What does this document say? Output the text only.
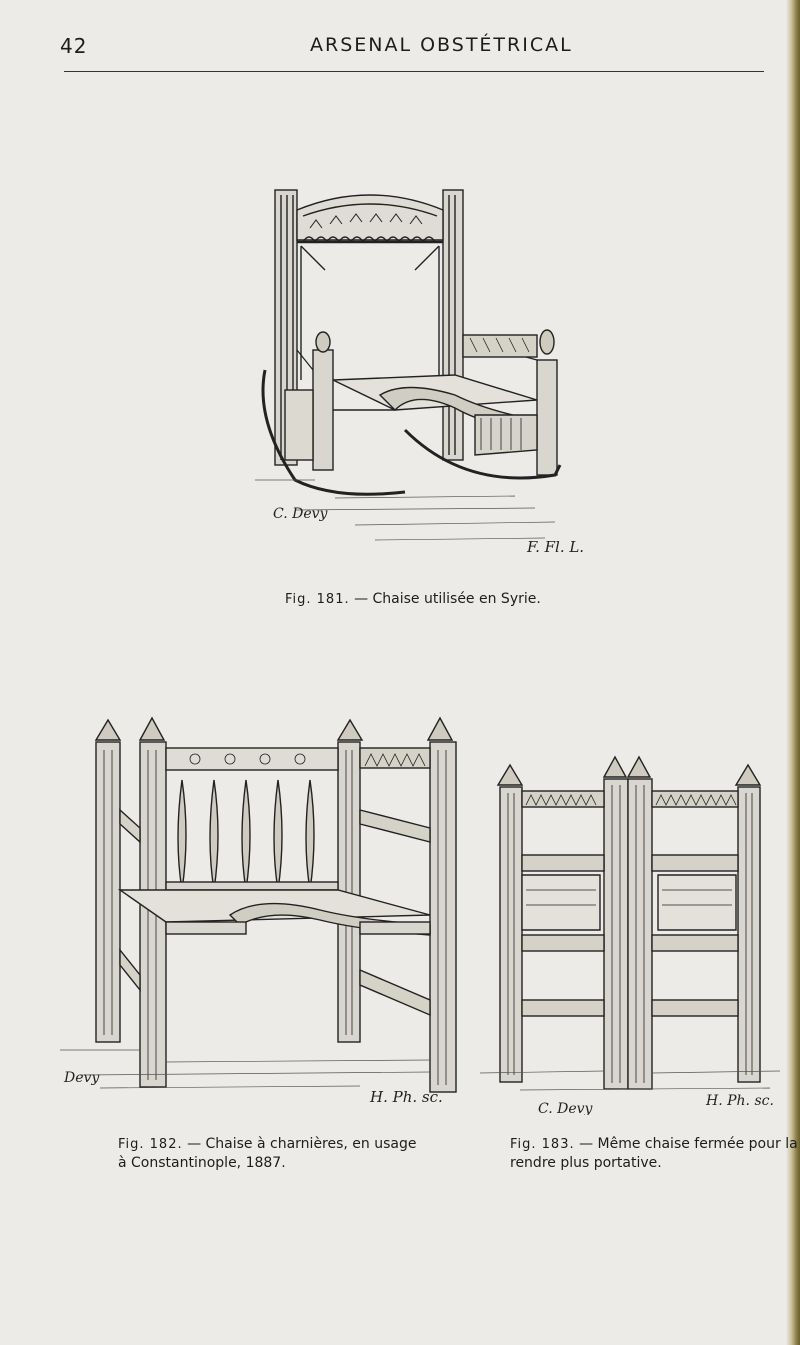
42	ARSENAL OBSTÉTRICAL
C. Devy
F. Fl. L.
Fig. 181. — Chaise utilisée en Syrie.
Devy
H. Ph. sc.
Fig. 182. — Chaise à charnières, en usage à Constantinople, 1887.
C. Devy	H. Ph. sc.
Fig. 183. — Même chaise fermée pour la rendre plus portative.
